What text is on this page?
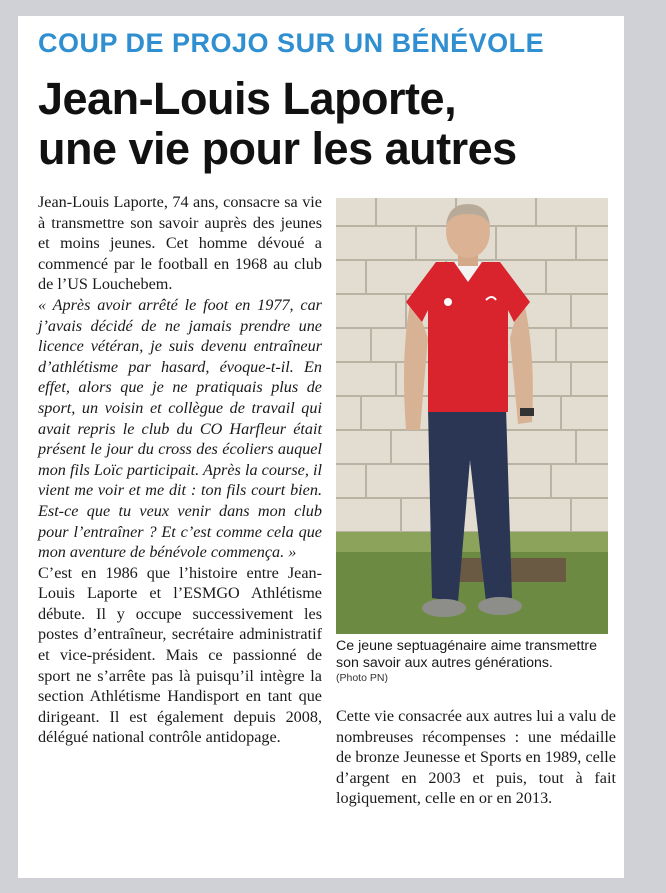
COUP DE PROJO SUR UN BÉNÉVOLE
Jean-Louis Laporte,
une vie pour les autres

Jean-Louis Laporte, 74 ans, consacre sa vie à transmettre son savoir auprès des jeunes et moins jeunes. Cet homme dévoué a commencé par le football en 1968 au club de l’US Louchebem.

« Après avoir arrêté le foot en 1977, car j’avais décidé de ne jamais prendre une licence vétéran, je suis devenu entraîneur d’athlétisme par hasard, évoque-t-il. En effet, alors que je ne pratiquais plus de sport, un voisin et collègue de travail qui avait repris le club du CO Harfleur était présent le jour du cross des écoliers auquel mon fils Loïc participait. Après la course, il vient me voir et me dit : ton fils court bien. Est-ce que tu veux venir dans mon club pour l’entraîner ? Et c’est comme cela que mon aventure de bénévole commença. »

C’est en 1986 que l’histoire entre Jean-Louis Laporte et l’ESMGO Athlétisme débute. Il y occupe successivement les postes d’entraîneur, secrétaire administratif et vice-président. Mais ce passionné de sport ne s’arrête pas là puisqu’il intègre la section Athlétisme Handisport en tant que dirigeant. Il est également depuis 2008, délégué national contrôle antidopage.

Ce jeune septuagénaire aime transmettre son savoir aux autres générations.
(Photo PN)

Cette vie consacrée aux autres lui a valu de nombreuses récompenses : une médaille de bronze Jeunesse et Sports en 1989, celle d’argent en 2003 et puis, tout à fait logiquement, celle en or en 2013.
